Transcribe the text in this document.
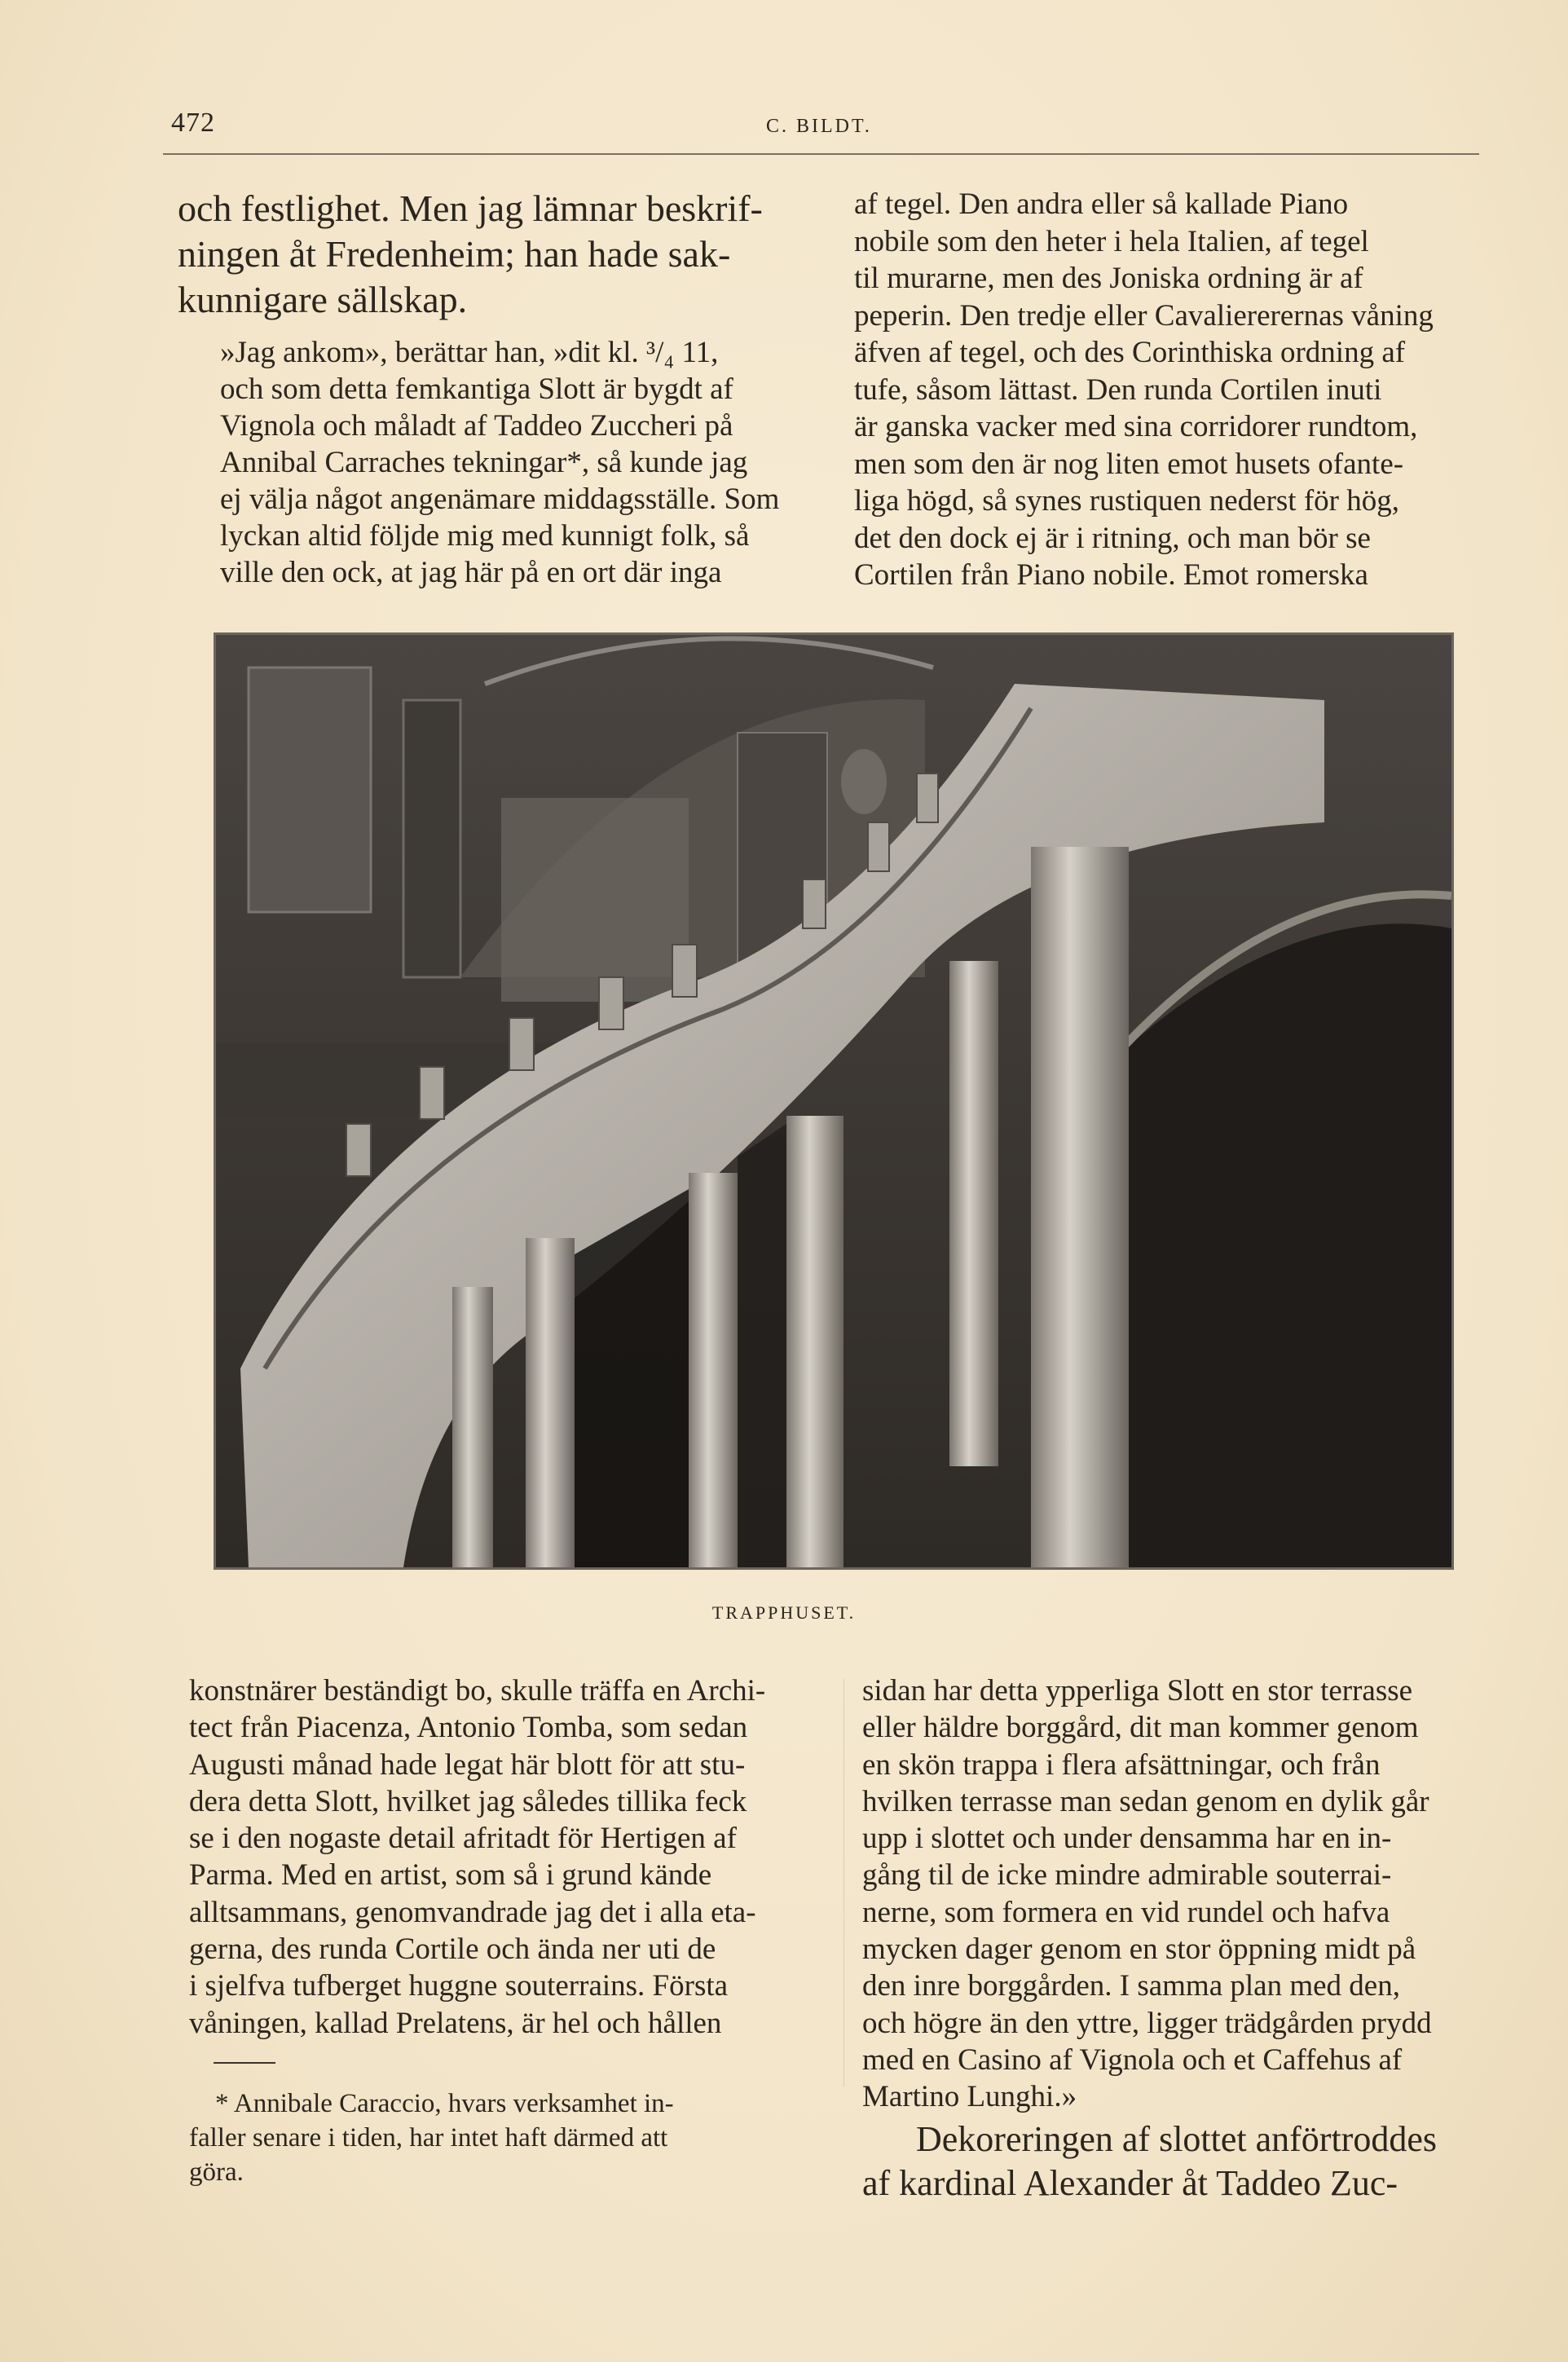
472	C. BILDT.

och festlighet. Men jag lämnar beskrif-
ningen åt Fredenheim; han hade sak-
kunnigare sällskap.

»Jag ankom», berättar han, »dit kl. ³/₄ 11,
och som detta femkantiga Slott är bygdt af
Vignola och måladt af Taddeo Zuccheri på
Annibal Carraches tekningar*, så kunde jag
ej välja något angenämare middagsställe. Som
lyckan altid följde mig med kunnigt folk, så
ville den ock, at jag här på en ort där inga

af tegel. Den andra eller så kallade Piano
nobile som den heter i hela Italien, af tegel
til murarne, men des Joniska ordning är af
peperin. Den tredje eller Cavaliererernas våning
äfven af tegel, och des Corinthiska ordning af
tufe, såsom lättast. Den runda Cortilen inuti
är ganska vacker med sina corridorer rundtom,
men som den är nog liten emot husets ofante-
liga högd, så synes rustiquen nederst för hög,
det den dock ej är i ritning, och man bör se
Cortilen från Piano nobile. Emot romerska

TRAPPHUSET.

konstnärer beständigt bo, skulle träffa en Archi-
tect från Piacenza, Antonio Tomba, som sedan
Augusti månad hade legat här blott för att stu-
dera detta Slott, hvilket jag således tillika feck
se i den nogaste detail afritadt för Hertigen af
Parma. Med en artist, som så i grund kände
alltsammans, genomvandrade jag det i alla eta-
gerna, des runda Cortile och ända ner uti de
i sjelfva tufberget huggne souterrains. Första
våningen, kallad Prelatens, är hel och hållen

* Annibale Caraccio, hvars verksamhet in-
faller senare i tiden, har intet haft därmed att
göra.

sidan har detta ypperliga Slott en stor terrasse
eller häldre borggård, dit man kommer genom
en skön trappa i flera afsättningar, och från
hvilken terrasse man sedan genom en dylik går
upp i slottet och under densamma har en in-
gång til de icke mindre admirable souterrai-
nerne, som formera en vid rundel och hafva
mycken dager genom en stor öppning midt på
den inre borggården. I samma plan med den,
och högre än den yttre, ligger trädgården prydd
med en Casino af Vignola och et Caffehus af
Martino Lunghi.»

Dekoreringen af slottet anförtroddes
af kardinal Alexander åt Taddeo Zuc-
